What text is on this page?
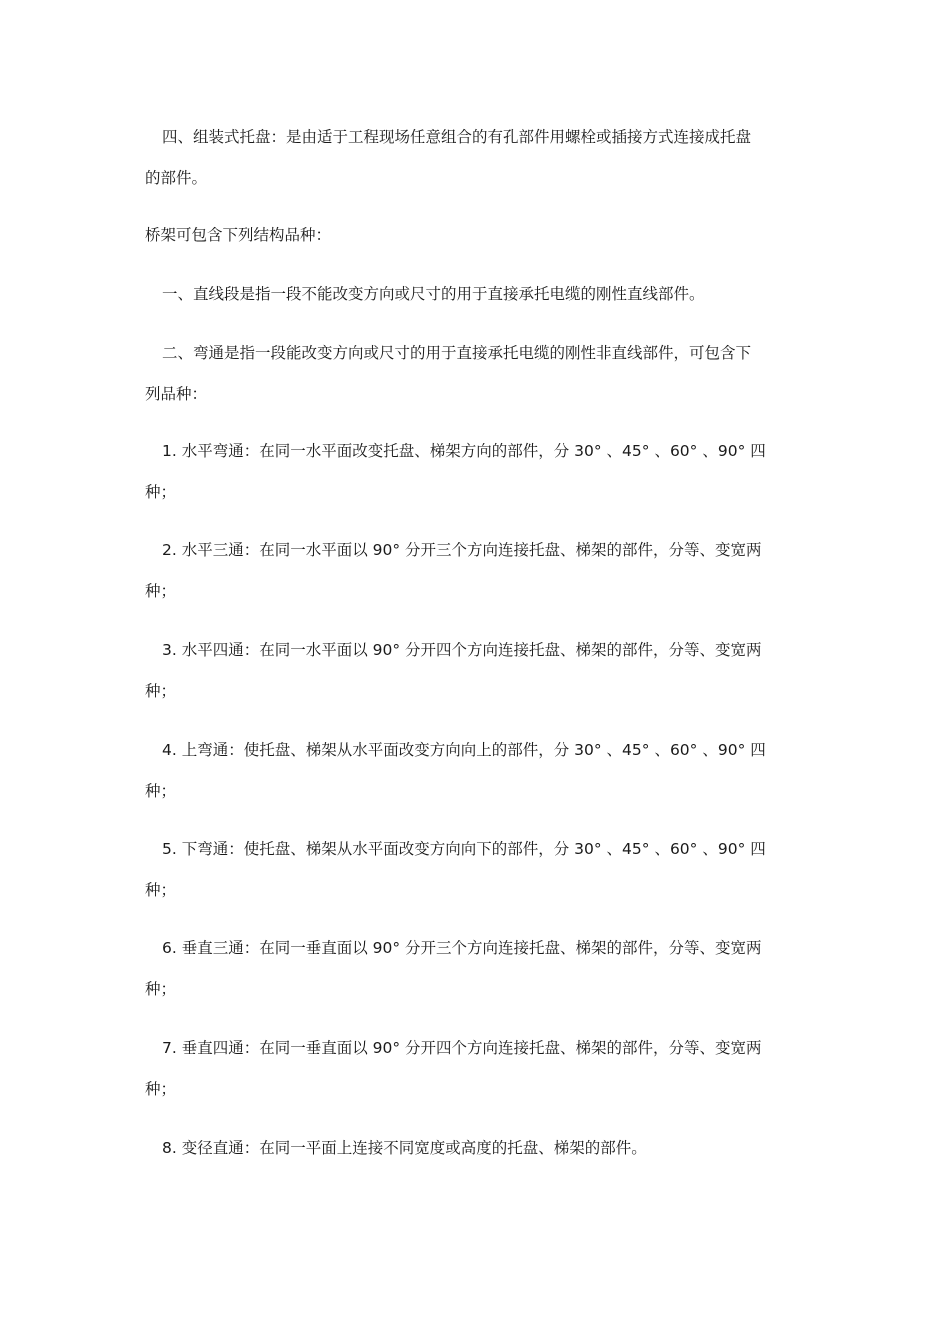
四、组装式托盘：是由适于工程现场任意组合的有孔部件用螺栓或插接方式连接成托盘
的部件。

桥架可包含下列结构品种：

一、直线段是指一段不能改变方向或尺寸的用于直接承托电缆的刚性直线部件。

二、弯通是指一段能改变方向或尺寸的用于直接承托电缆的刚性非直线部件，可包含下
列品种：

1. 水平弯通：在同一水平面改变托盘、梯架方向的部件，分 30° 、45° 、60° 、90° 四
种；

2. 水平三通：在同一水平面以 90° 分开三个方向连接托盘、梯架的部件，分等、变宽两
种；

3. 水平四通：在同一水平面以 90° 分开四个方向连接托盘、梯架的部件，分等、变宽两
种；

4. 上弯通：使托盘、梯架从水平面改变方向向上的部件，分 30° 、45° 、60° 、90° 四
种；

5. 下弯通：使托盘、梯架从水平面改变方向向下的部件，分 30° 、45° 、60° 、90° 四
种；

6. 垂直三通：在同一垂直面以 90° 分开三个方向连接托盘、梯架的部件，分等、变宽两
种；

7. 垂直四通：在同一垂直面以 90° 分开四个方向连接托盘、梯架的部件，分等、变宽两
种；

8. 变径直通：在同一平面上连接不同宽度或高度的托盘、梯架的部件。
